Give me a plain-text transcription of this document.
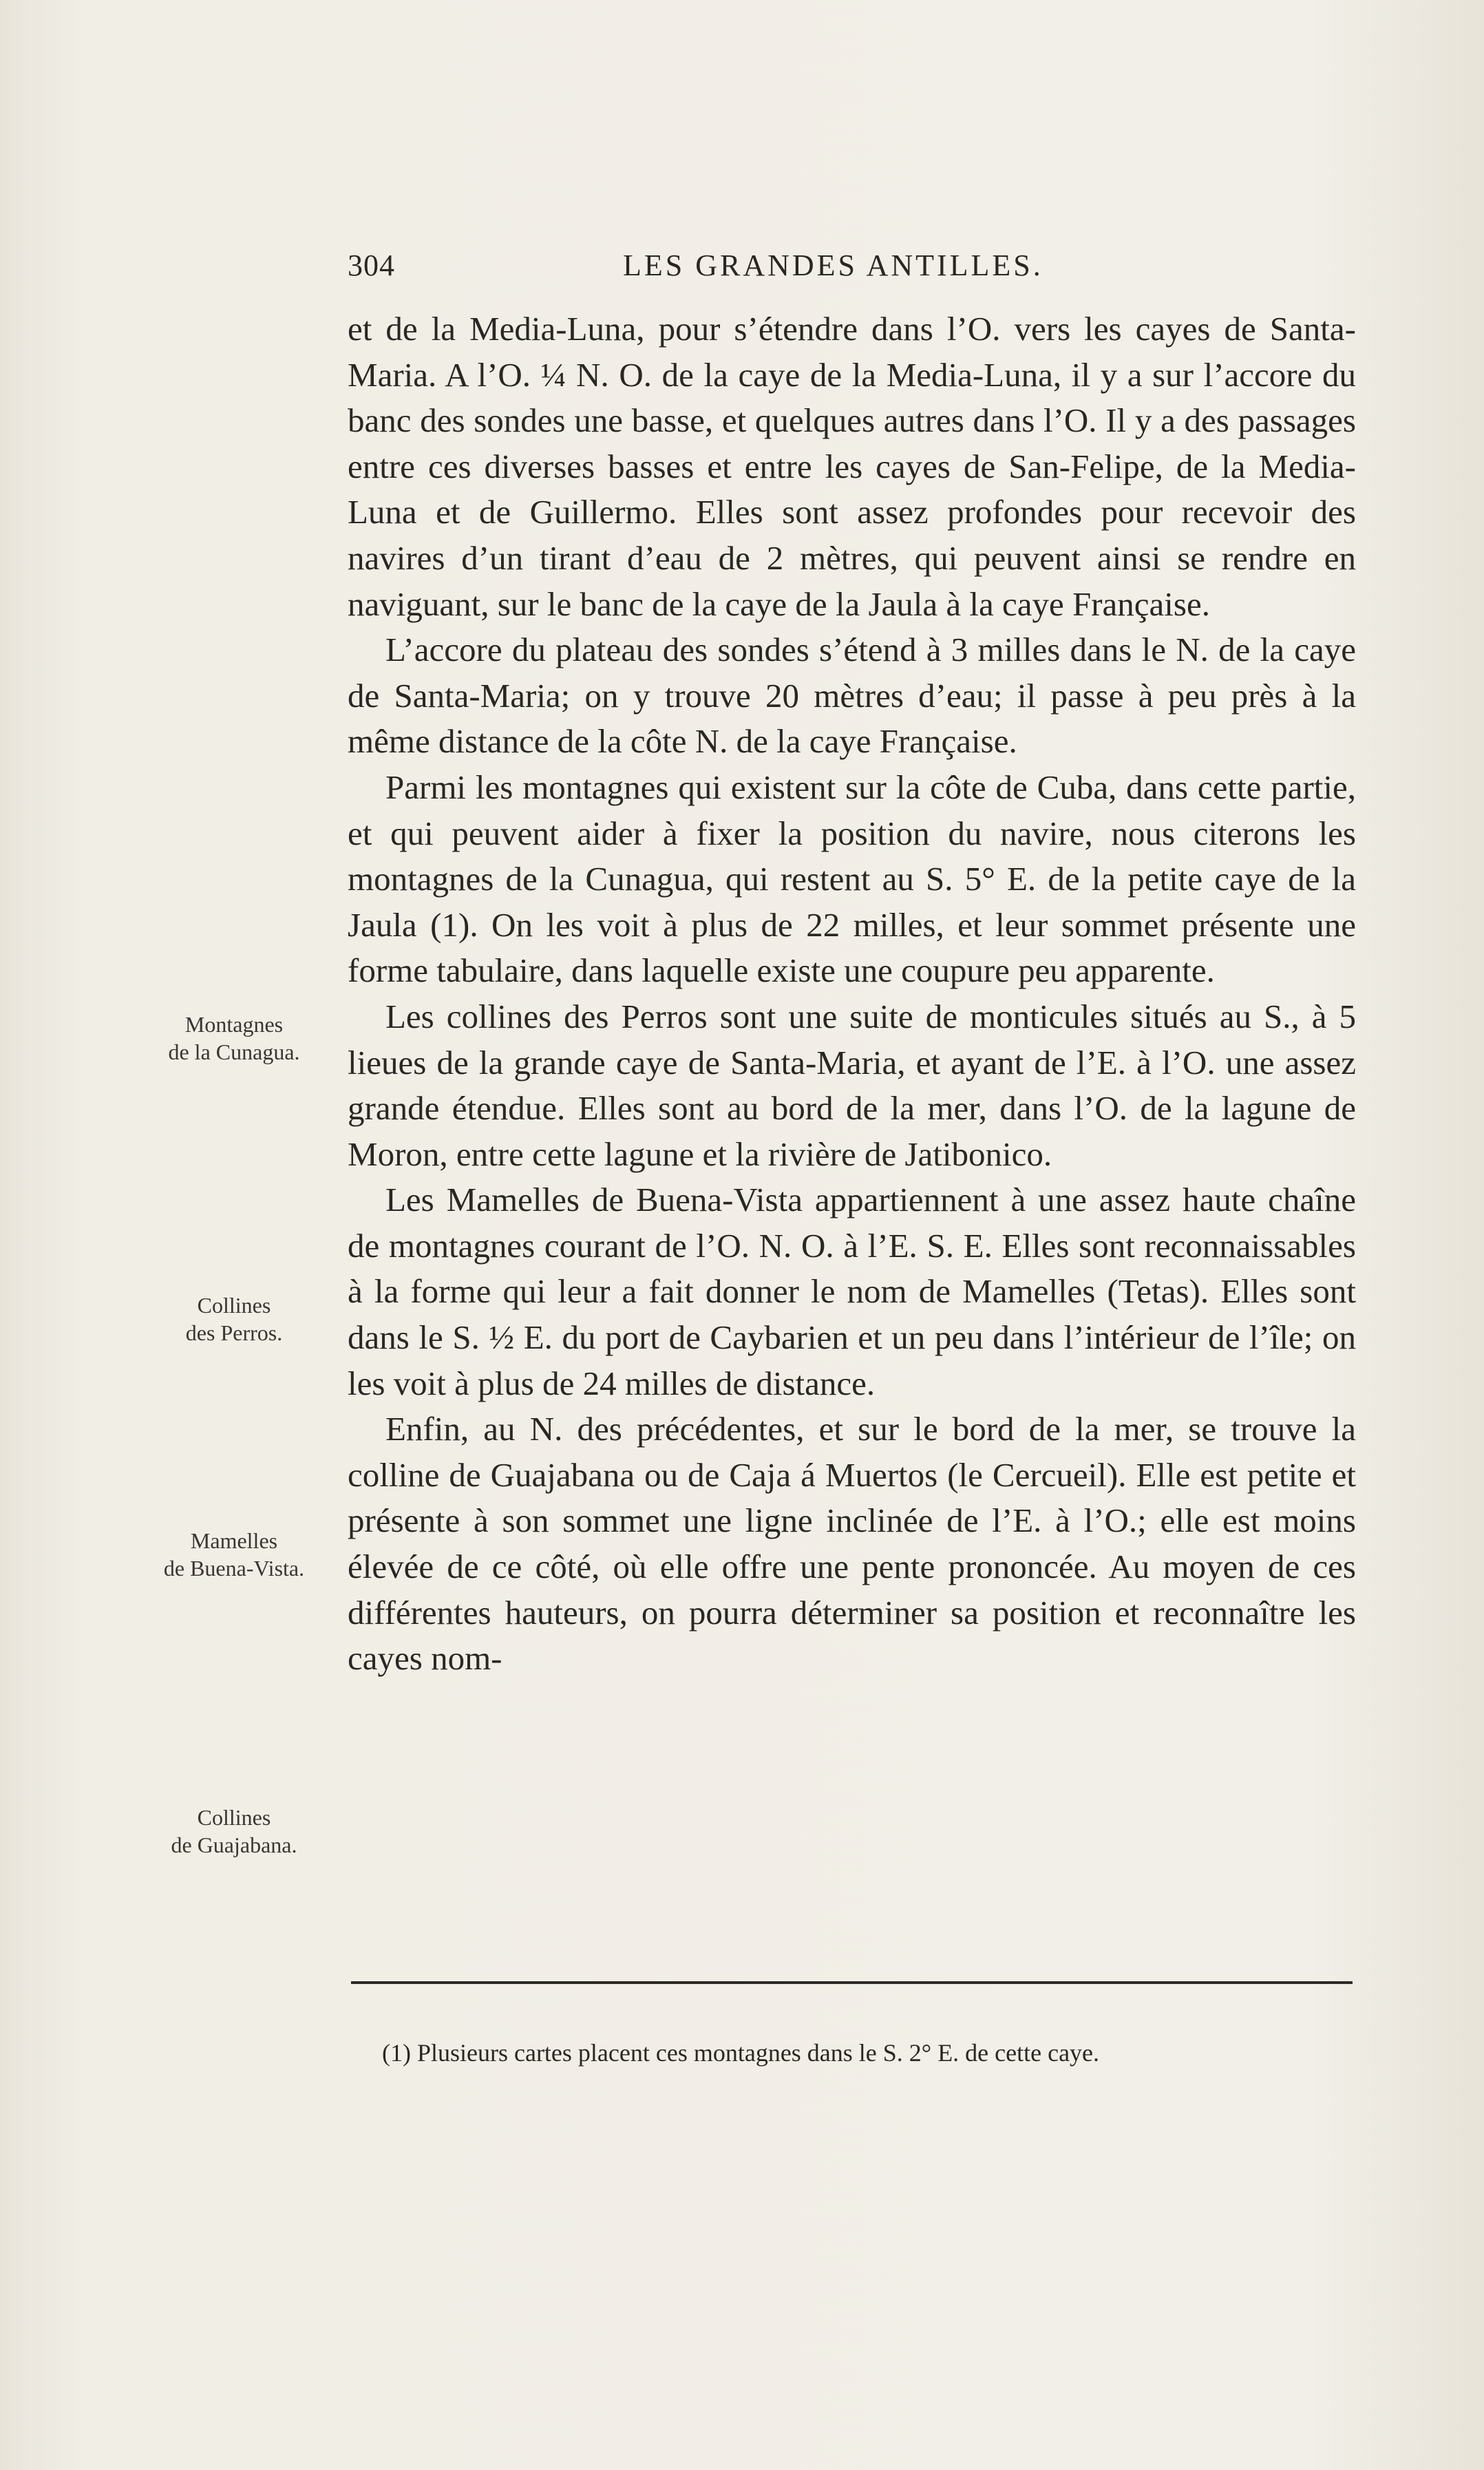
304	LES GRANDES ANTILLES.

et de la Media-Luna, pour s’étendre dans l’O. vers les cayes de Santa-Maria. A l’O. ¼ N. O. de la caye de la Media-Luna, il y a sur l’accore du banc des sondes une basse, et quelques autres dans l’O. Il y a des passages entre ces diverses basses et entre les cayes de San-Felipe, de la Media-Luna et de Guillermo. Elles sont assez profondes pour recevoir des navires d’un tirant d’eau de 2 mètres, qui peuvent ainsi se rendre en naviguant, sur le banc de la caye de la Jaula à la caye Française.

L’accore du plateau des sondes s’étend à 3 milles dans le N. de la caye de Santa-Maria; on y trouve 20 mètres d’eau; il passe à peu près à la même distance de la côte N. de la caye Française.

Parmi les montagnes qui existent sur la côte de Cuba, dans cette partie, et qui peuvent aider à fixer la position du navire, nous citerons les montagnes de la Cunagua, qui restent au S. 5° E. de la petite caye de la Jaula (1). On les voit à plus de 22 milles, et leur sommet présente une forme tabulaire, dans laquelle existe une coupure peu apparente.

Les collines des Perros sont une suite de monticules situés au S., à 5 lieues de la grande caye de Santa-Maria, et ayant de l’E. à l’O. une assez grande étendue. Elles sont au bord de la mer, dans l’O. de la lagune de Moron, entre cette lagune et la rivière de Jatibonico.

Les Mamelles de Buena-Vista appartiennent à une assez haute chaîne de montagnes courant de l’O. N. O. à l’E. S. E. Elles sont reconnaissables à la forme qui leur a fait donner le nom de Mamelles (Tetas). Elles sont dans le S. ½ E. du port de Caybarien et un peu dans l’intérieur de l’île; on les voit à plus de 24 milles de distance.

Enfin, au N. des précédentes, et sur le bord de la mer, se trouve la colline de Guajabana ou de Caja á Muertos (le Cercueil). Elle est petite et présente à son sommet une ligne inclinée de l’E. à l’O.; elle est moins élevée de ce côté, où elle offre une pente prononcée. Au moyen de ces différentes hauteurs, on pourra déterminer sa position et reconnaître les cayes nom-

Montagnes
de la Cunagua.
Collines
des Perros.
Mamelles
de Buena-Vista.
Collines
de Guajabana.
(1) Plusieurs cartes placent ces montagnes dans le S. 2° E. de cette caye.
